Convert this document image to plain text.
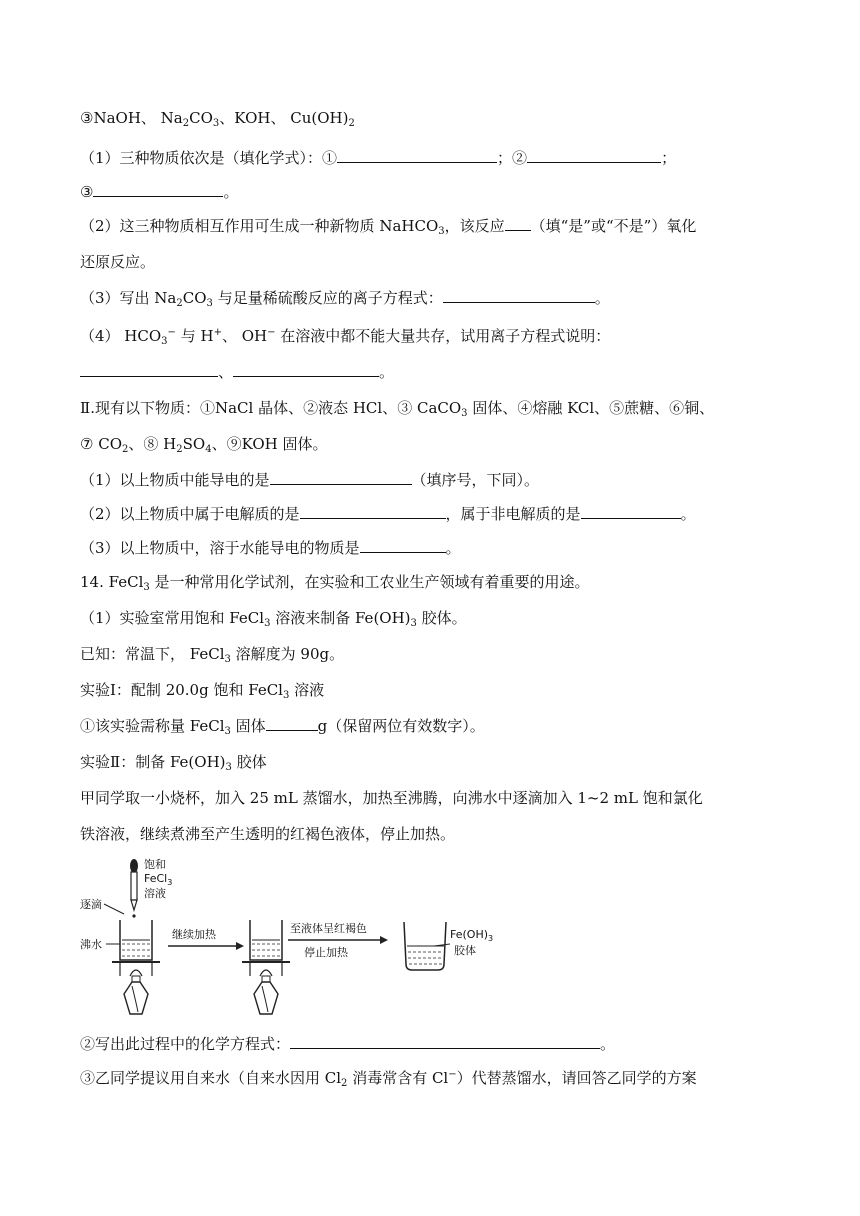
③NaOH、 $Na_2CO_3$、KOH、 $Cu(OH)_2$
（1）三种物质依次是（填化学式）：①	；②	；
③	。
（2）这三种物质相互作用可生成一种新物质 NaHCO$_3$，该反应 （填“是”或“不是”）氧化
还原反应。
（3）写出 $Na_2CO_3$ 与足量稀硫酸反应的离子方程式：	。
（4） $HCO_3^-$ 与 H+、 OH− 在溶液中都不能大量共存，试用离子方程式说明：
、	。
Ⅱ.现有以下物质：①NaCl 晶体、②液态 HCl、③ CaCO$_3$ 固体、④熔融 KCl、⑤蔗糖、⑥铜、
⑦ $CO_2$、⑧ $H_2SO_4$、⑨KOH 固体。
（1）以上物质中能导电的是	（填序号，下同）。
（2）以上物质中属于电解质的是	，属于非电解质的是	。
（3）以上物质中，溶于水能导电的物质是	。
14. FeCl$_3$ 是一种常用化学试剂，在实验和工农业生产领域有着重要的用途。
（1）实验室常用饱和 FeCl$_3$ 溶液来制备 $Fe(OH)_3$ 胶体。
已知：常温下， FeCl$_3$ 溶解度为 90g。
实验Ⅰ：配制 20.0g 饱和 FeCl$_3$ 溶液
①该实验需称量 FeCl$_3$ 固体	g（保留两位有效数字）。
实验Ⅱ：制备 $Fe(OH)_3$ 胶体
甲同学取一小烧杯，加入 25 mL 蒸馏水，加热至沸腾，向沸水中逐滴加入 1~2 mL 饱和氯化
铁溶液，继续煮沸至产生透明的红褐色液体，停止加热。
饱和
FeCl$_3$
溶液
逐滴
沸水
继续加热	至液体呈红褐色
停止加热
$Fe(OH)_3$
胶体
②写出此过程中的化学方程式：	。
③乙同学提议用自来水（自来水因用 $Cl_2$ 消毒常含有 Cl−）代替蒸馏水，请回答乙同学的方案
